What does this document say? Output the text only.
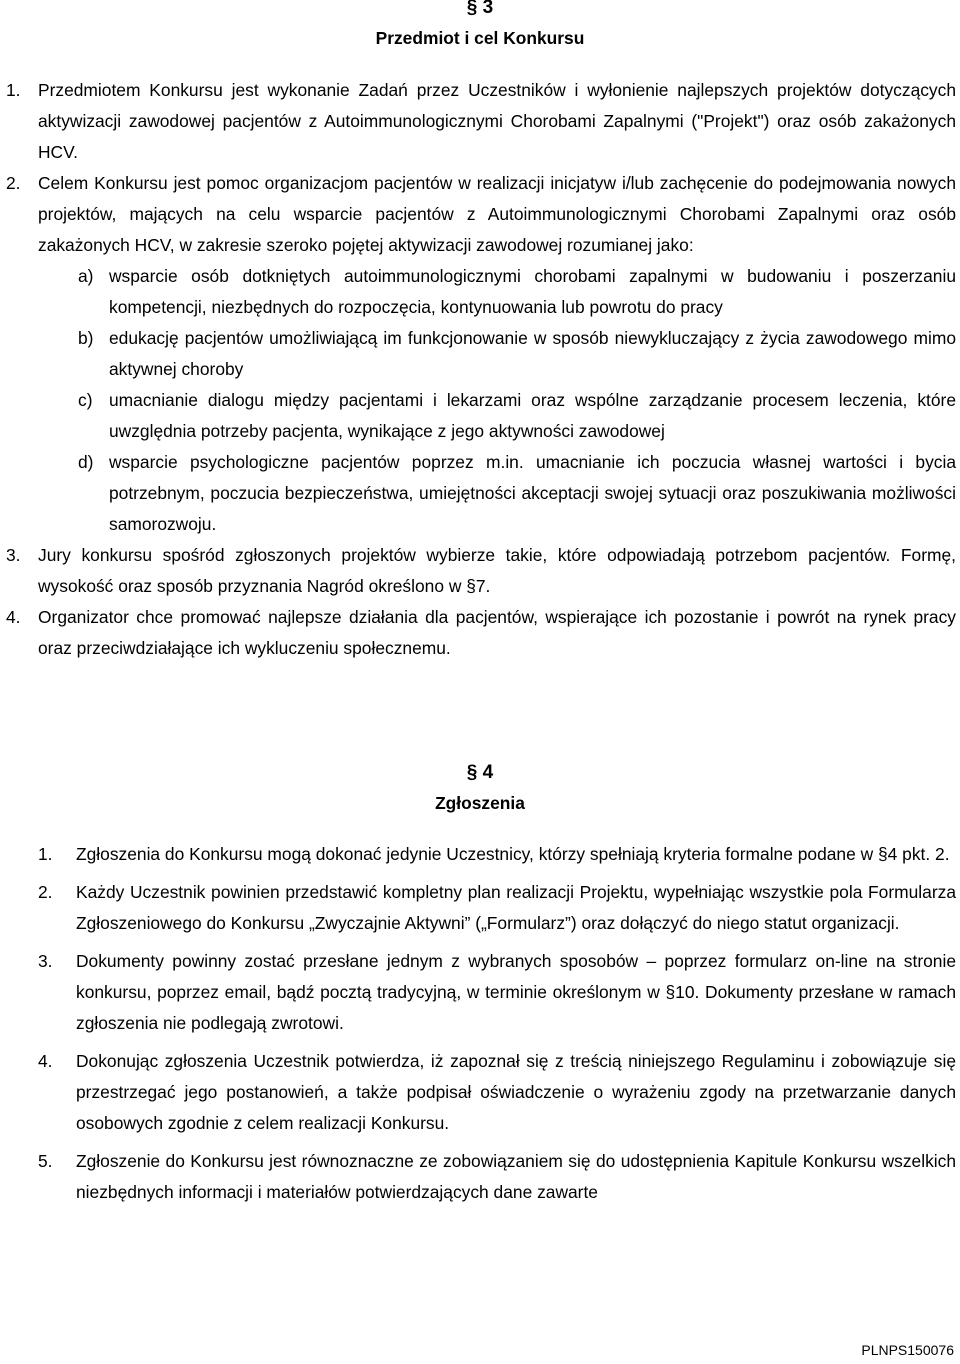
§ 3
Przedmiot i cel Konkursu
1. Przedmiotem Konkursu jest wykonanie Zadań przez Uczestników i wyłonienie najlepszych projektów dotyczących aktywizacji zawodowej pacjentów z Autoimmunologicznymi Chorobami Zapalnymi ("Projekt") oraz osób zakażonych HCV.

2. Celem Konkursu jest pomoc organizacjom pacjentów w realizacji inicjatyw i/lub zachęcenie do podejmowania nowych projektów, mających na celu wsparcie pacjentów z Autoimmunologicznymi Chorobami Zapalnymi oraz osób zakażonych HCV, w zakresie szeroko pojętej aktywizacji zawodowej rozumianej jako:

a) wsparcie osób dotkniętych autoimmunologicznymi chorobami zapalnymi w budowaniu i poszerzaniu kompetencji, niezbędnych do rozpoczęcia, kontynuowania lub powrotu do pracy

b) edukację pacjentów umożliwiającą im funkcjonowanie w sposób niewykluczający z życia zawodowego mimo aktywnej choroby

c) umacnianie dialogu między pacjentami i lekarzami oraz wspólne zarządzanie procesem leczenia, które uwzględnia potrzeby pacjenta, wynikające z jego aktywności zawodowej

d) wsparcie psychologiczne pacjentów poprzez m.in. umacnianie ich poczucia własnej wartości i bycia potrzebnym, poczucia bezpieczeństwa, umiejętności akceptacji swojej sytuacji oraz poszukiwania możliwości samorozwoju.

3. Jury konkursu spośród zgłoszonych projektów wybierze takie, które odpowiadają potrzebom pacjentów. Formę, wysokość oraz sposób przyznania Nagród określono w §7.

4. Organizator chce promować najlepsze działania dla pacjentów, wspierające ich pozostanie i powrót na rynek pracy oraz przeciwdziałające ich wykluczeniu społecznemu.

§ 4
Zgłoszenia
1. Zgłoszenia do Konkursu mogą dokonać jedynie Uczestnicy, którzy spełniają kryteria formalne podane w §4 pkt. 2.

2. Każdy Uczestnik powinien przedstawić kompletny plan realizacji Projektu, wypełniając wszystkie pola Formularza Zgłoszeniowego do Konkursu „Zwyczajnie Aktywni” („Formularz”) oraz dołączyć do niego statut organizacji.

3. Dokumenty powinny zostać przesłane jednym z wybranych sposobów – poprzez formularz on-line na stronie konkursu, poprzez email, bądź pocztą tradycyjną, w terminie określonym w §10. Dokumenty przesłane w ramach zgłoszenia nie podlegają zwrotowi.

4. Dokonując zgłoszenia Uczestnik potwierdza, iż zapoznał się z treścią niniejszego Regulaminu i zobowiązuje się przestrzegać jego postanowień, a także podpisał oświadczenie o wyrażeniu zgody na przetwarzanie danych osobowych zgodnie z celem realizacji Konkursu.

5. Zgłoszenie do Konkursu jest równoznaczne ze zobowiązaniem się do udostępnienia Kapitule Konkursu wszelkich niezbędnych informacji i materiałów potwierdzających dane zawarte

PLNPS150076
